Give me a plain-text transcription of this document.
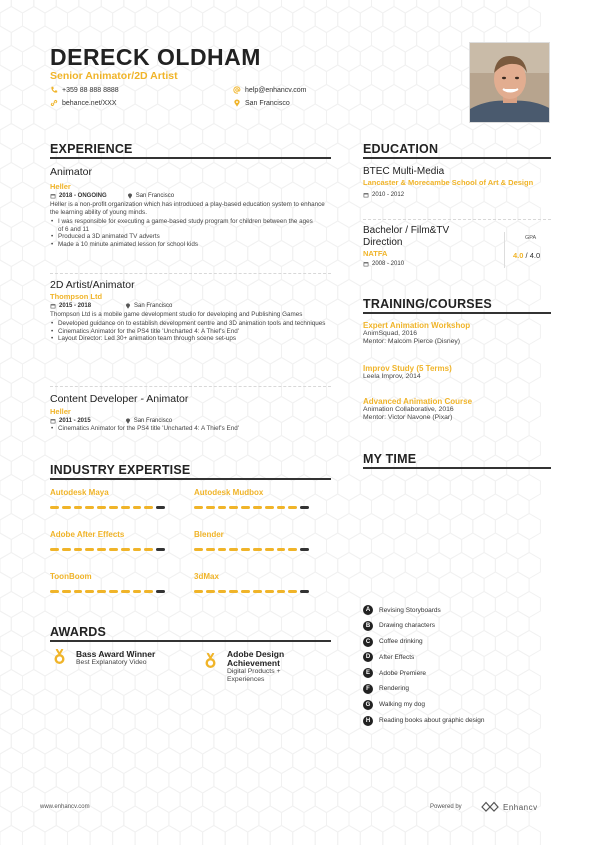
DERECK OLDHAM
Senior Animator/2D Artist
+359 88 888 8888
behance.net/XXX
help@enhancv.com
San Francisco
EXPERIENCE
Animator
Heller
2018 - ONGOING	San Francisco
Heller is a non-profit organization which has introduced a play-based education system to enhance the learning ability of young minds.
• I was responsible for executing a game-based study program for children between the ages of 6 and 11
• Produced a 3D animated TV adverts
• Made a 10 minute animated lesson for school kids
2D Artist/Animator
Thompson Ltd
2015 - 2018	San Francisco
Thompson Ltd is a mobile game development studio for developing and Publishing Games
• Developed guidance on to establish development centre and 3D animation tools and techniques
• Cinematics Animator for the PS4 title 'Uncharted 4: A Thief's End'
• Layout Director: Led 30+ animation team through scene set-ups
Content Developer - Animator
Heller
2011 - 2015	San Francisco
• Cinematics Animator for the PS4 title 'Uncharted 4: A Thief's End'
INDUSTRY EXPERTISE
Autodesk Maya	Autodesk Mudbox
Adobe After Effects	Blender
ToonBoom	3dMax
AWARDS
Bass Award Winner
Best Explanatory Video
Adobe Design Achievement
Digital Products + Experiences
EDUCATION
BTEC Multi-Media
Lancaster & Morecambe School of Art & Design
2010 - 2012
Bachelor / Film&TV Direction
NATFA
2008 - 2010
GPA
4.0 / 4.0
TRAINING/COURSES
Expert Animation Workshop
AnimSquad, 2016
Mentor: Malcom Pierce (Disney)
Improv Study (5 Terms)
Leela Improv, 2014
Advanced Animation Course
Animation Collaborative, 2016
Mentor: Victor Navone (Pixar)
MY TIME
A	Revising Storyboards
B	Drawing characters
C	Coffee drinking
D	After Effects
E	Adobe Premiere
F	Rendering
G	Walking my dog
H	Reading books about graphic design
www.enhancv.com	Powered by	Enhancv
